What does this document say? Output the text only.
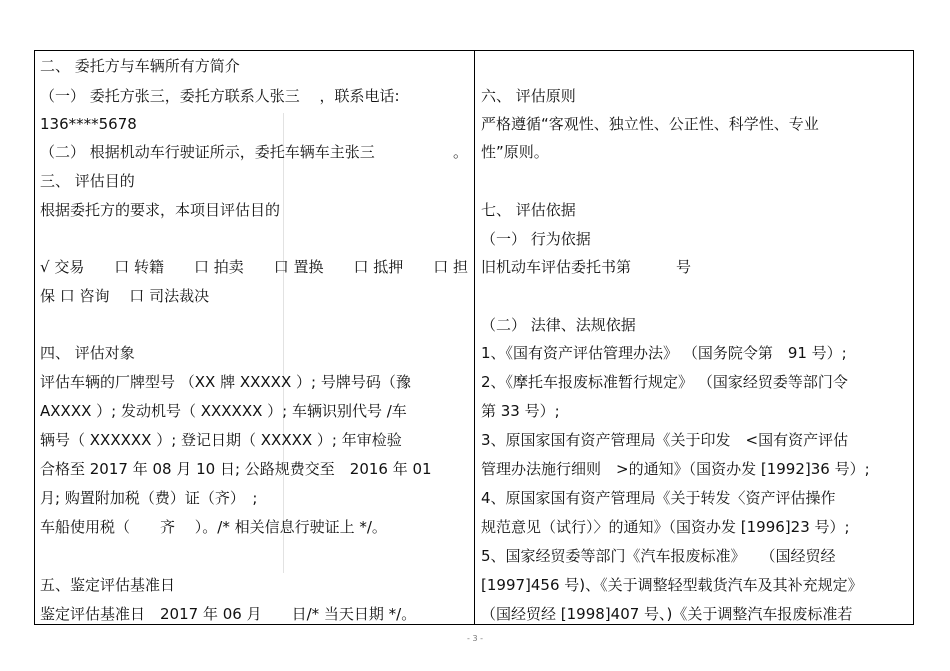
二、 委托方与车辆所有方简介
（一） 委托方张三，委托方联系人张三　 ，联系电话:
136****5678
（二） 根据机动车行驶证所示，委托车辆车主张三	。
三、 评估目的
根据委托方的要求，本项目评估目的
√ 交易 口 转籍 口 拍卖 口 置换 口 抵押 口 担
保 口 咨询　 口 司法裁决
四、 评估对象
评估车辆的厂牌型号 （XX 牌 XXXXX ）; 号牌号码（豫
AXXXX ）; 发动机号（ XXXXXX ）; 车辆识别代号 /车
辆号（ XXXXXX ）; 登记日期（ XXXXX ）; 年审检验
合格至 2017 年 08 月 10 日; 公路规费交至　2016 年 01
月; 购置附加税（费）证（齐）　;
车船使用税（　　齐　 ）。/* 相关信息行驶证上 */。
五、鉴定评估基准日
鉴定评估基准日　2017 年 06 月　　日/* 当天日期 */。
六、 评估原则
严格遵循“客观性、独立性、公正性、科学性、专业
性”原则。
七、 评估依据
（一） 行为依据
旧机动车评估委托书第　　　号
（二） 法律、法规依据
1、《国有资产评估管理办法》 （国务院令第　91 号）;
2、《摩托车报废标准暂行规定》 （国家经贸委等部门令
第 33 号）;
3、原国家国有资产管理局《关于印发　<国有资产评估
管理办法施行细则　>的通知》（国资办发 [1992]36 号）;
4、原国家国有资产管理局《关于转发〈资产评估操作
规范意见（试行）〉的通知》（国资办发 [1996]23 号）;
5、国家经贸委等部门《汽车报废标准》　　（国经贸经
[1997]456 号)、《关于调整轻型载货汽车及其补充规定》
（国经贸经 [1998]407 号、)《关于调整汽车报废标准若
- 3 -
